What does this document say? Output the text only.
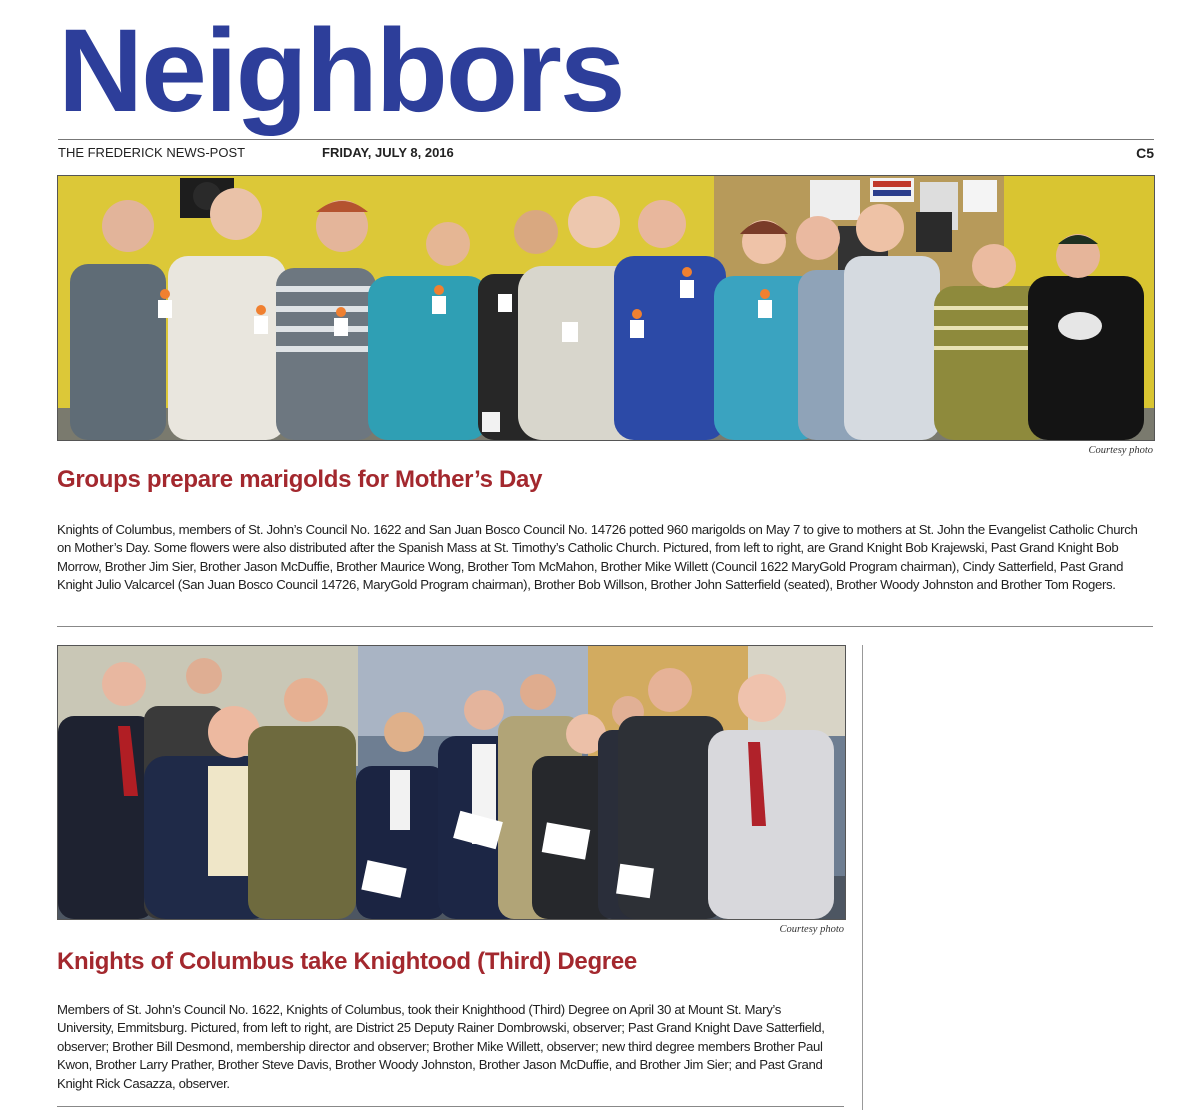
Neighbors
THE FREDERICK NEWS-POST	FRIDAY, JULY 8, 2016	C5
Courtesy photo
Groups prepare marigolds for Mother’s Day
Knights of Columbus, members of St. John’s Council No. 1622 and San Juan Bosco Council No. 14726 potted 960 marigolds on May 7 to give to mothers at St. John the Evangelist Catholic Church on Mother’s Day. Some flowers were also distributed after the Spanish Mass at St. Timothy’s Catholic Church. Pictured, from left to right, are Grand Knight Bob Krajewski, Past Grand Knight Bob Morrow, Brother Jim Sier, Brother Jason McDuffie, Brother Maurice Wong, Brother Tom McMahon, Brother Mike Willett (Council 1622 MaryGold Program chairman), Cindy Satterfield, Past Grand Knight Julio Valcarcel (San Juan Bosco Council 14726, MaryGold Program chairman), Brother Bob Willson, Brother John Satterfield (seated), Brother Woody Johnston and Brother Tom Rogers.
Courtesy photo
Knights of Columbus take Knightood (Third) Degree
Members of St. John’s Council No. 1622, Knights of Columbus, took their Knighthood (Third) Degree on April 30 at Mount St. Mary’s University, Emmitsburg. Pictured, from left to right, are District 25 Deputy Rainer Dombrowski, observer; Past Grand Knight Dave Satterfield, observer; Brother Bill Desmond, membership director and observer; Brother Mike Willett, observer; new third degree members Brother Paul Kwon, Brother Larry Prather, Brother Steve Davis, Brother Woody Johnston, Brother Jason McDuffie, and Brother Jim Sier; and Past Grand Knight Rick Casazza, observer.
